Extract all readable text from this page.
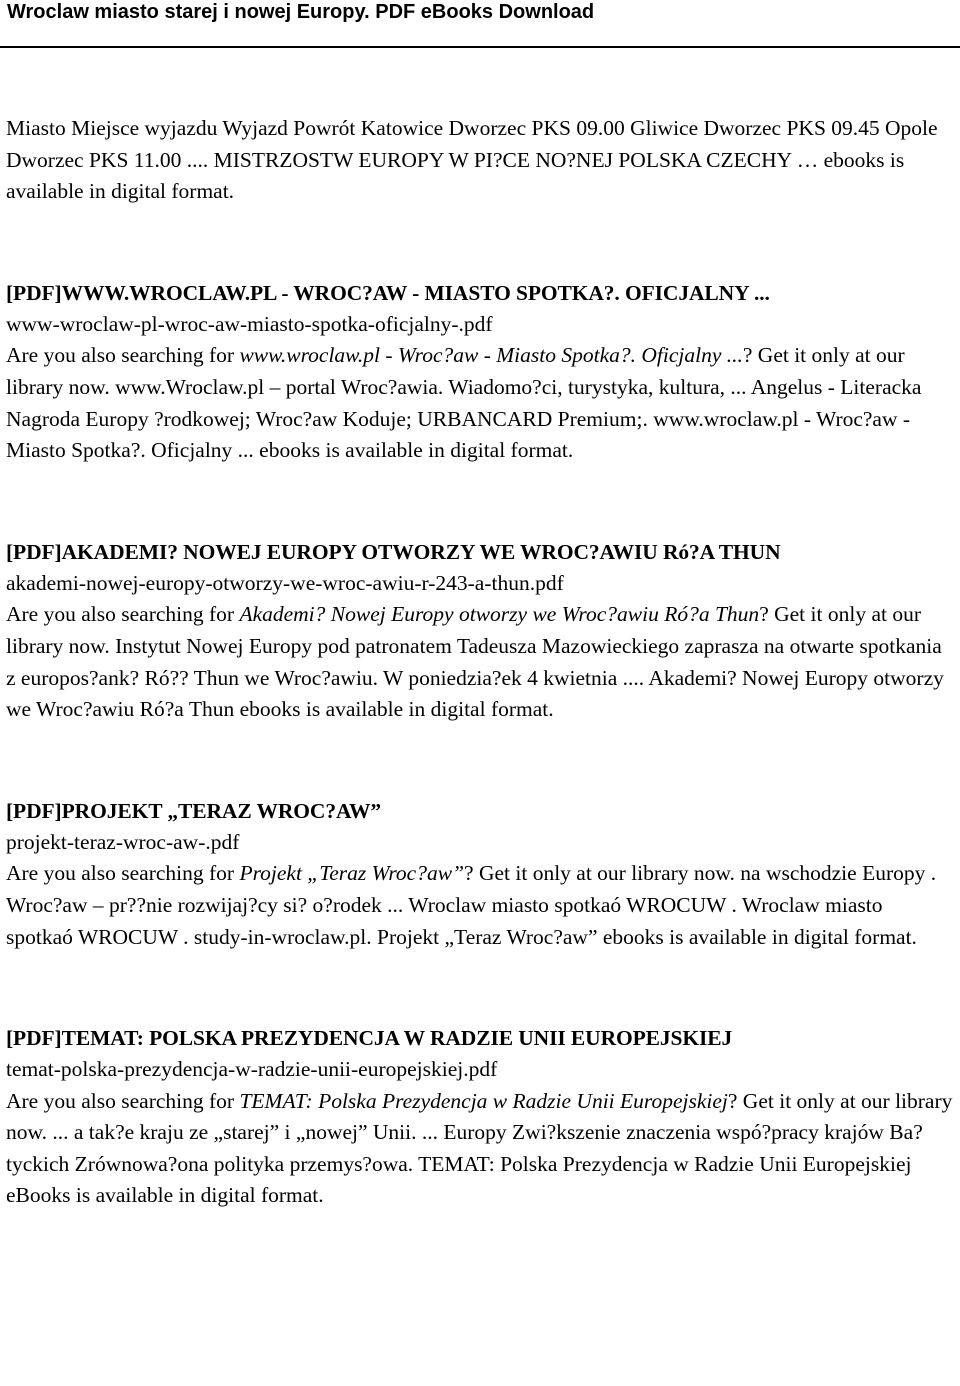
Wroclaw miasto starej i nowej Europy. PDF eBooks Download

Miasto Miejsce wyjazdu Wyjazd Powrót Katowice Dworzec PKS 09.00 Gliwice Dworzec PKS 09.45 Opole Dworzec PKS 11.00 .... MISTRZOSTW EUROPY W PI?CE NO?NEJ POLSKA CZECHY … ebooks is available in digital format.

[PDF]WWW.WROCLAW.PL - WROC?AW - MIASTO SPOTKA?. OFICJALNY ...

www-wroclaw-pl-wroc-aw-miasto-spotka-oficjalny-.pdf

Are you also searching for www.wroclaw.pl - Wroc?aw - Miasto Spotka?. Oficjalny ...? Get it only at our library now. www.Wroclaw.pl – portal Wroc?awia. Wiadomo?ci, turystyka, kultura, ... Angelus - Literacka Nagroda Europy ?rodkowej; Wroc?aw Koduje; URBANCARD Premium;. www.wroclaw.pl - Wroc?aw - Miasto Spotka?. Oficjalny ... ebooks is available in digital format.

[PDF]AKADEMI? NOWEJ EUROPY OTWORZY WE WROC?AWIU Ró?A THUN

akademi-nowej-europy-otworzy-we-wroc-awiu-r-243-a-thun.pdf

Are you also searching for Akademi? Nowej Europy otworzy we Wroc?awiu Ró?a Thun? Get it only at our library now. Instytut Nowej Europy pod patronatem Tadeusza Mazowieckiego zaprasza na otwarte spotkania z europos?ank? Ró?? Thun we Wroc?awiu. W poniedzia?ek 4 kwietnia .... Akademi? Nowej Europy otworzy we Wroc?awiu Ró?a Thun ebooks is available in digital format.

[PDF]PROJEKT „TERAZ WROC?AW”

projekt-teraz-wroc-aw-.pdf

Are you also searching for Projekt „Teraz Wroc?aw”? Get it only at our library now. na wschodzie Europy . Wroc?aw – pr??nie rozwijaj?cy si? o?rodek ... Wroclaw miasto spotkaó WROCUW . Wroclaw miasto spotkaó WROCUW . study-in-wroclaw.pl. Projekt „Teraz Wroc?aw” ebooks is available in digital format.

[PDF]TEMAT: POLSKA PREZYDENCJA W RADZIE UNII EUROPEJSKIEJ

temat-polska-prezydencja-w-radzie-unii-europejskiej.pdf

Are you also searching for TEMAT: Polska Prezydencja w Radzie Unii Europejskiej? Get it only at our library now. ... a tak?e kraju ze „starej” i „nowej” Unii. ... Europy Zwi?kszenie znaczenia wspó?pracy krajów Ba?tyckich Zrównowa?ona polityka przemys?owa. TEMAT: Polska Prezydencja w Radzie Unii Europejskiej eBooks is available in digital format.
